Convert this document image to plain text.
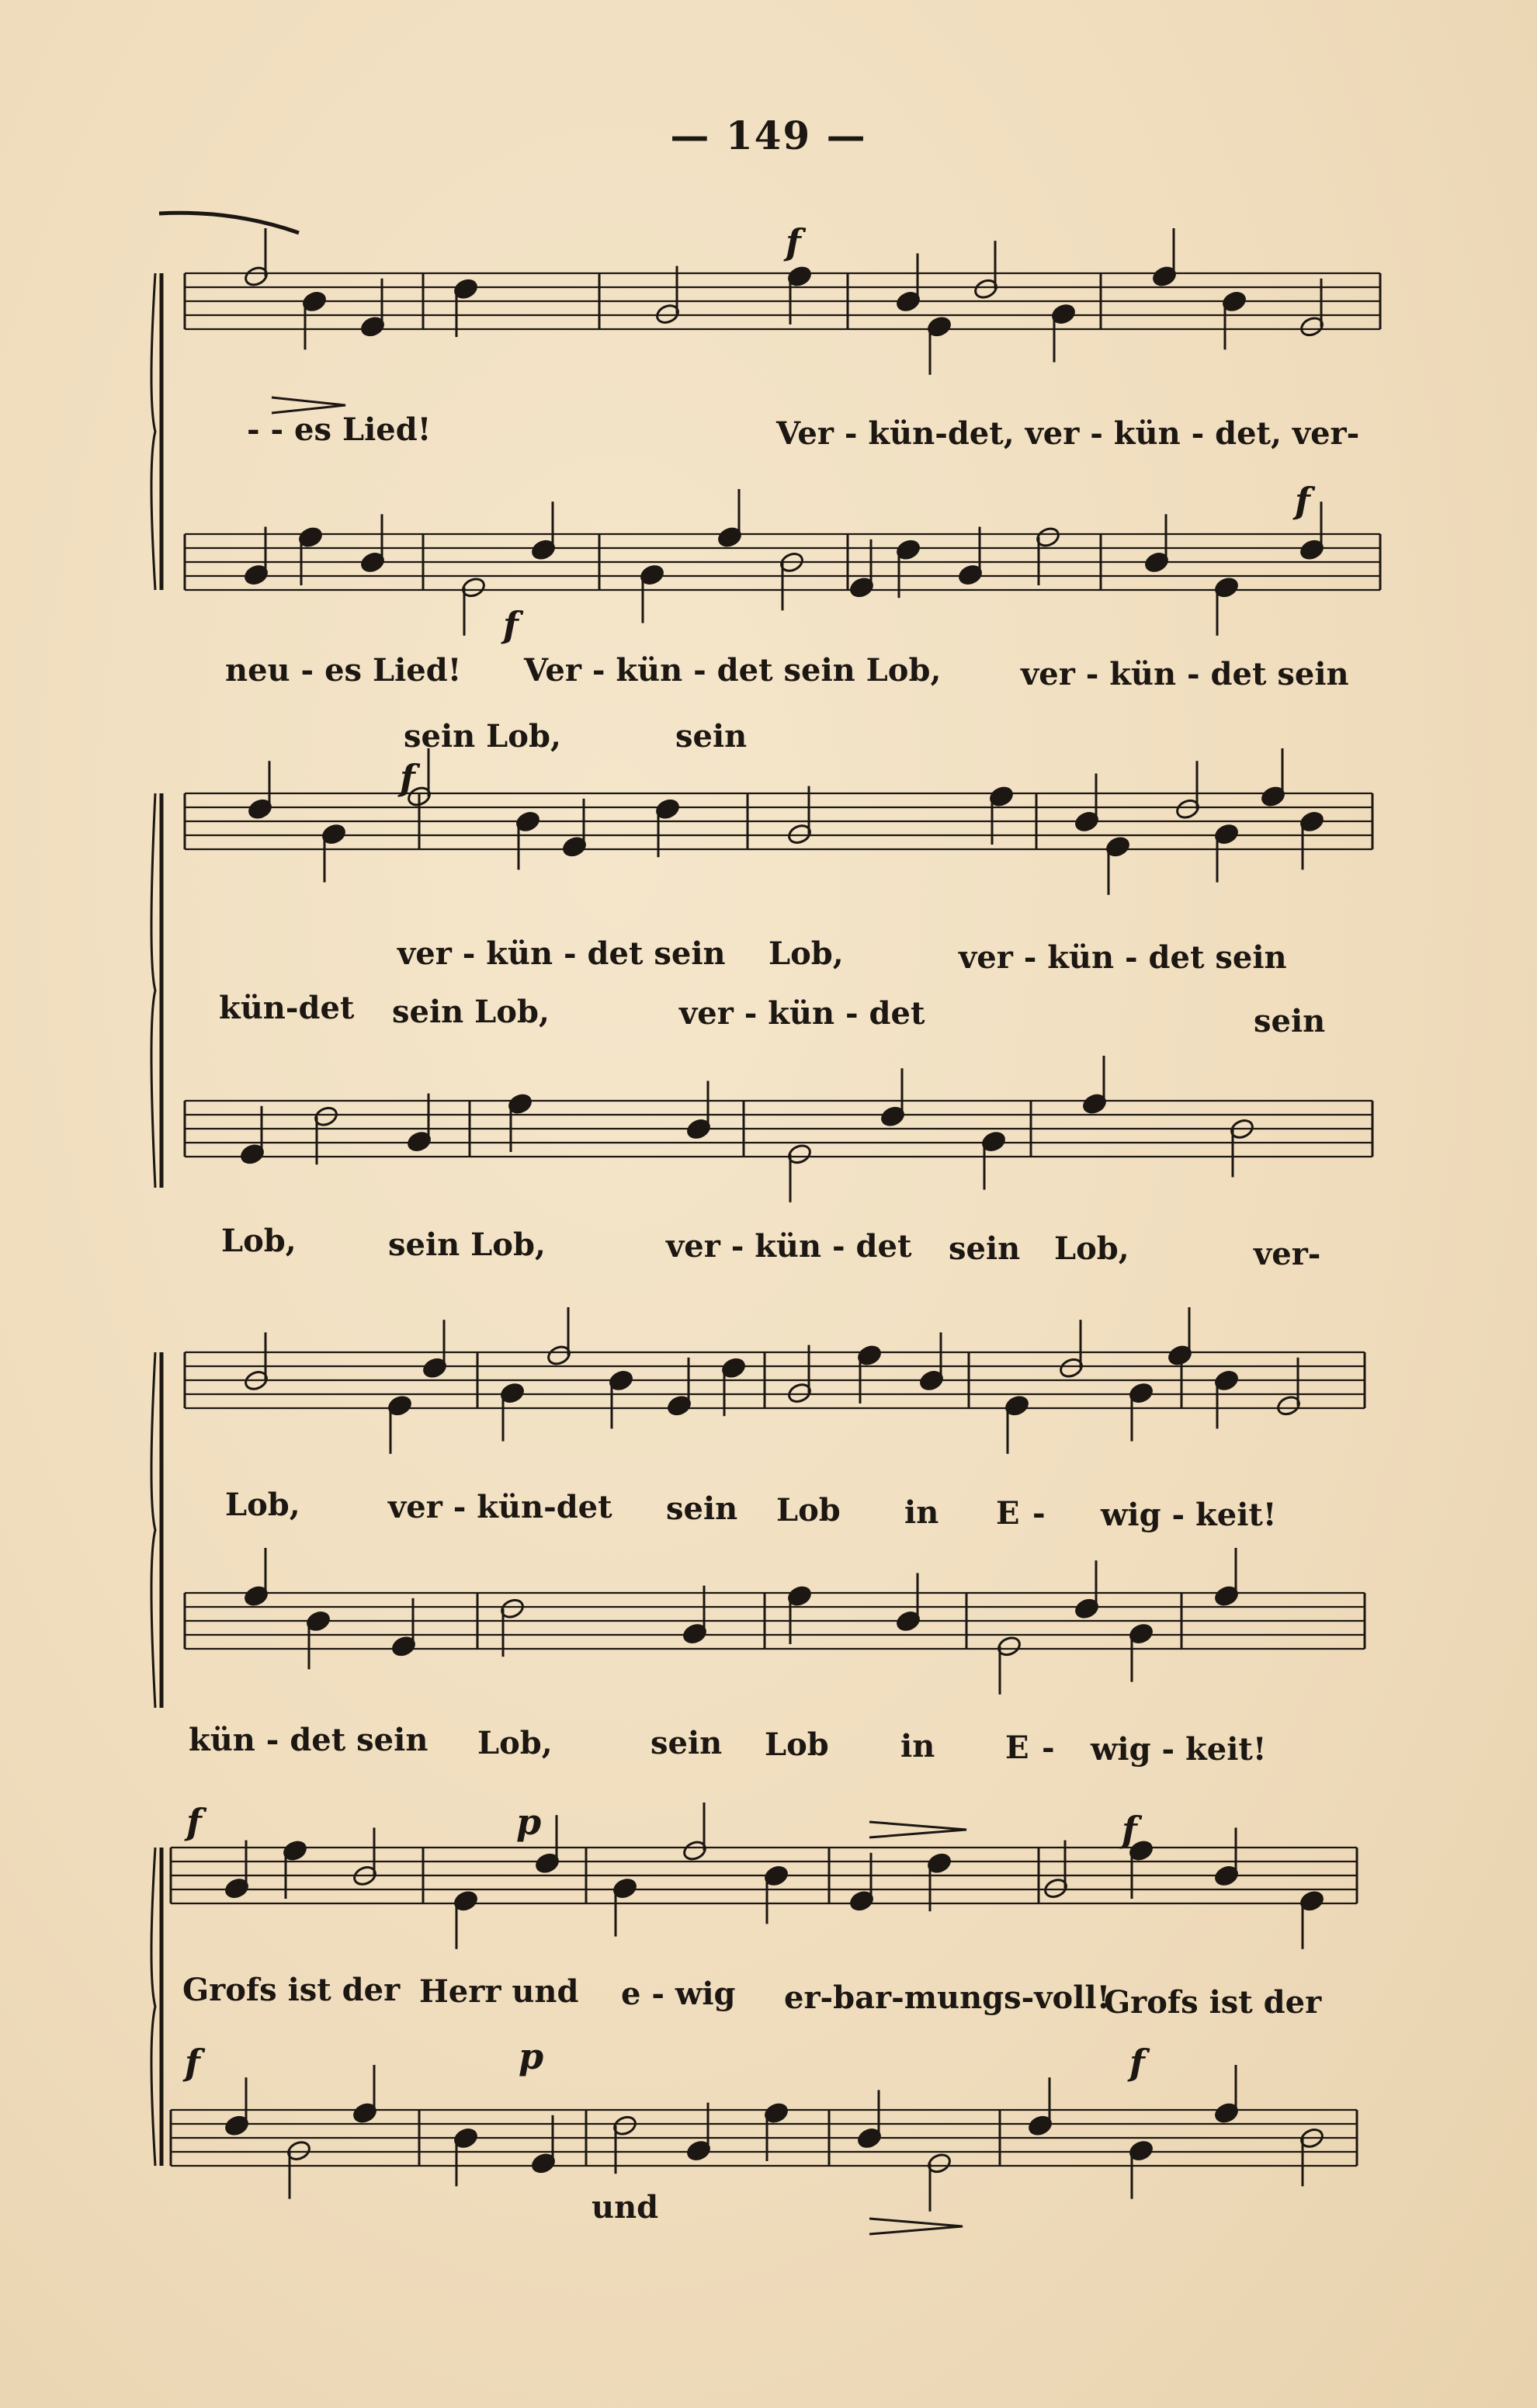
— 149 —
- - es Lied!	Ver - kün-det, ver - kün - det, ver-
neu - es Lied! Ver - kün - det sein Lob,	ver - kün - det sein
sein Lob,	sein
ver - kün - det sein Lob,	ver - kün - det sein
kün-det sein Lob,	ver - kün - det	sein
Lob,	sein Lob,	ver - kün - det sein Lob,	ver-
Lob,	ver - kün-det sein Lob in E - wig - keit!
kün - det sein Lob,	sein Lob in E - wig - keit!
Grofs ist der Herr und e - wig er-bar-mungs-voll!
Grofs ist der
und
f
f
f
f
f	p	f
f	p	f
